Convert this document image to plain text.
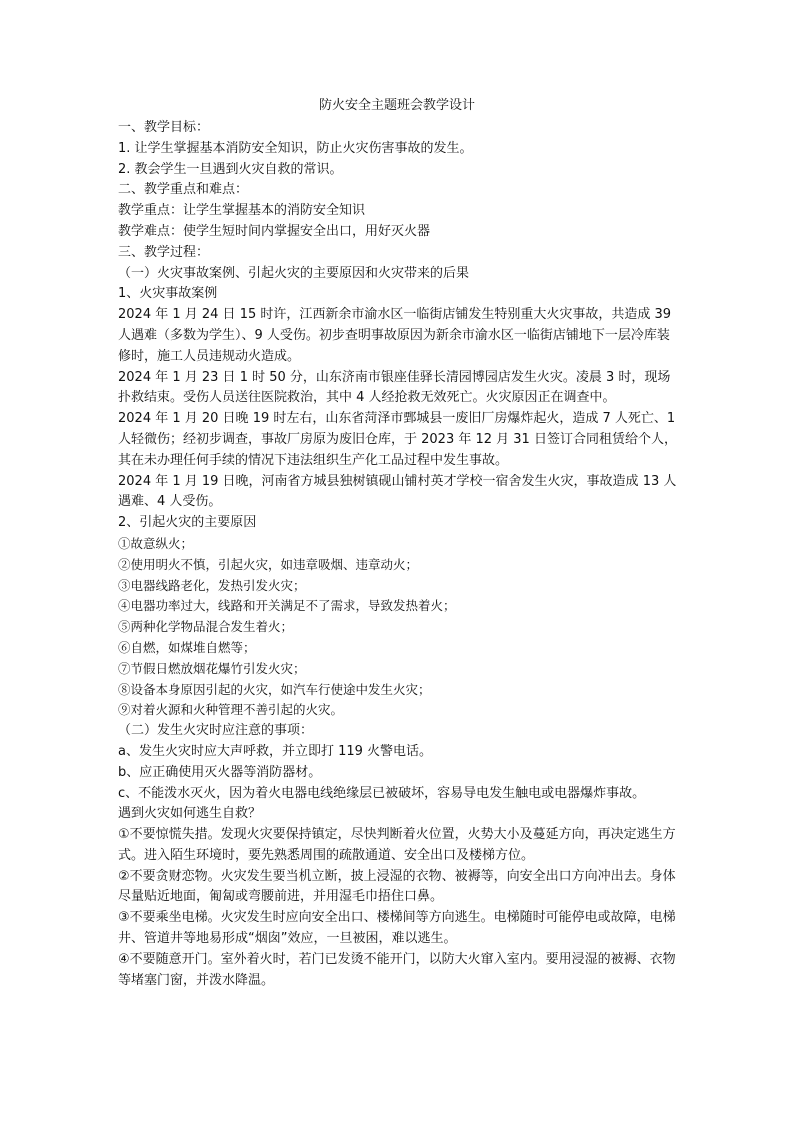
防火安全主题班会教学设计

一、教学目标：

1. 让学生掌握基本消防安全知识，防止火灾伤害事故的发生。

2. 教会学生一旦遇到火灾自救的常识。

二、教学重点和难点：

教学重点：让学生掌握基本的消防安全知识

教学难点：使学生短时间内掌握安全出口，用好灭火器

三、教学过程：

（一）火灾事故案例、引起火灾的主要原因和火灾带来的后果

1、火灾事故案例

2024 年 1 月 24 日 15 时许，江西新余市渝水区一临街店铺发生特别重大火灾事故，共造成 39 人遇难（多数为学生）、9 人受伤。初步查明事故原因为新余市渝水区一临街店铺地下一层冷库装修时，施工人员违规动火造成。

2024 年 1 月 23 日 1 时 50 分，山东济南市银座佳驿长清园博园店发生火灾。凌晨 3 时，现场扑救结束。受伤人员送往医院救治，其中 4 人经抢救无效死亡。火灾原因正在调查中。

2024 年 1 月 20 日晚 19 时左右，山东省菏泽市鄄城县一废旧厂房爆炸起火，造成 7 人死亡、1 人轻微伤；经初步调查，事故厂房原为废旧仓库，于 2023 年 12 月 31 日签订合同租赁给个人，其在未办理任何手续的情况下违法组织生产化工品过程中发生事故。

2024 年 1 月 19 日晚，河南省方城县独树镇砚山铺村英才学校一宿舍发生火灾，事故造成 13 人遇难、4 人受伤。

2、引起火灾的主要原因

①故意纵火；

②使用明火不慎，引起火灾，如违章吸烟、违章动火；

③电器线路老化，发热引发火灾；

④电器功率过大，线路和开关满足不了需求，导致发热着火；

⑤两种化学物品混合发生着火；

⑥自燃，如煤堆自燃等；

⑦节假日燃放烟花爆竹引发火灾；

⑧设备本身原因引起的火灾，如汽车行使途中发生火灾；

⑨对着火源和火种管理不善引起的火灾。

（二）发生火灾时应注意的事项：

a、发生火灾时应大声呼救，并立即打 119 火警电话。

b、应正确使用灭火器等消防器材。

c、不能泼水灭火，因为着火电器电线绝缘层已被破坏，容易导电发生触电或电器爆炸事故。

遇到火灾如何逃生自救？

①不要惊慌失措。发现火灾要保持镇定，尽快判断着火位置，火势大小及蔓延方向，再决定逃生方式。进入陌生环境时，要先熟悉周围的疏散通道、安全出口及楼梯方位。

②不要贪财恋物。火灾发生要当机立断，披上浸湿的衣物、被褥等，向安全出口方向冲出去。身体尽量贴近地面，匍匐或弯腰前进，并用湿毛巾捂住口鼻。

③不要乘坐电梯。火灾发生时应向安全出口、楼梯间等方向逃生。电梯随时可能停电或故障，电梯井、管道井等地易形成“烟囱”效应，一旦被困，难以逃生。

④不要随意开门。室外着火时，若门已发烫不能开门，以防大火窜入室内。要用浸湿的被褥、衣物等堵塞门窗，并泼水降温。
